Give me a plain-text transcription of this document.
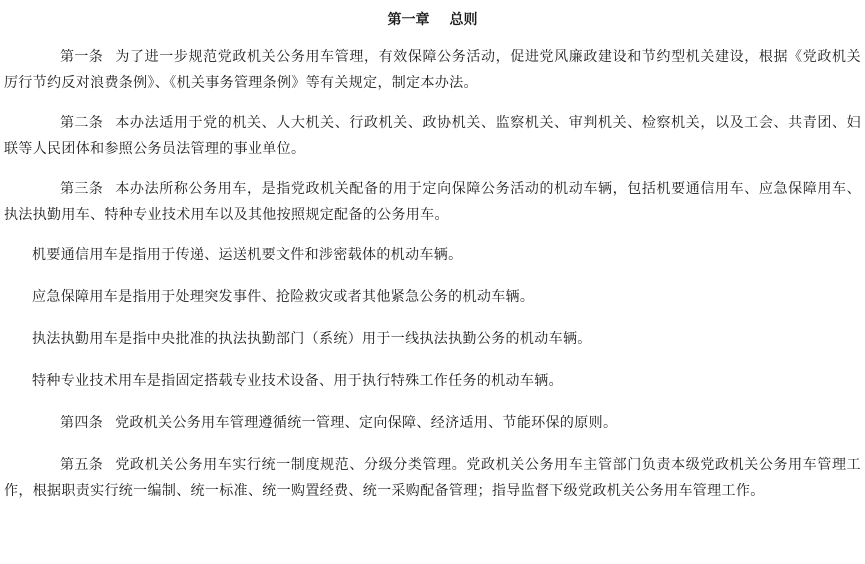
第一章 总则

第一条 为了进一步规范党政机关公务用车管理，有效保障公务活动，促进党风廉政建设和节约型机关建设，根据《党政机关厉行节约反对浪费条例》、《机关事务管理条例》等有关规定，制定本办法。

第二条 本办法适用于党的机关、人大机关、行政机关、政协机关、监察机关、审判机关、检察机关，以及工会、共青团、妇联等人民团体和参照公务员法管理的事业单位。

第三条 本办法所称公务用车，是指党政机关配备的用于定向保障公务活动的机动车辆，包括机要通信用车、应急保障用车、执法执勤用车、特种专业技术用车以及其他按照规定配备的公务用车。

机要通信用车是指用于传递、运送机要文件和涉密载体的机动车辆。

应急保障用车是指用于处理突发事件、抢险救灾或者其他紧急公务的机动车辆。

执法执勤用车是指中央批准的执法执勤部门（系统）用于一线执法执勤公务的机动车辆。

特种专业技术用车是指固定搭载专业技术设备、用于执行特殊工作任务的机动车辆。

第四条 党政机关公务用车管理遵循统一管理、定向保障、经济适用、节能环保的原则。

第五条 党政机关公务用车实行统一制度规范、分级分类管理。党政机关公务用车主管部门负责本级党政机关公务用车管理工作，根据职责实行统一编制、统一标准、统一购置经费、统一采购配备管理；指导监督下级党政机关公务用车管理工作。
